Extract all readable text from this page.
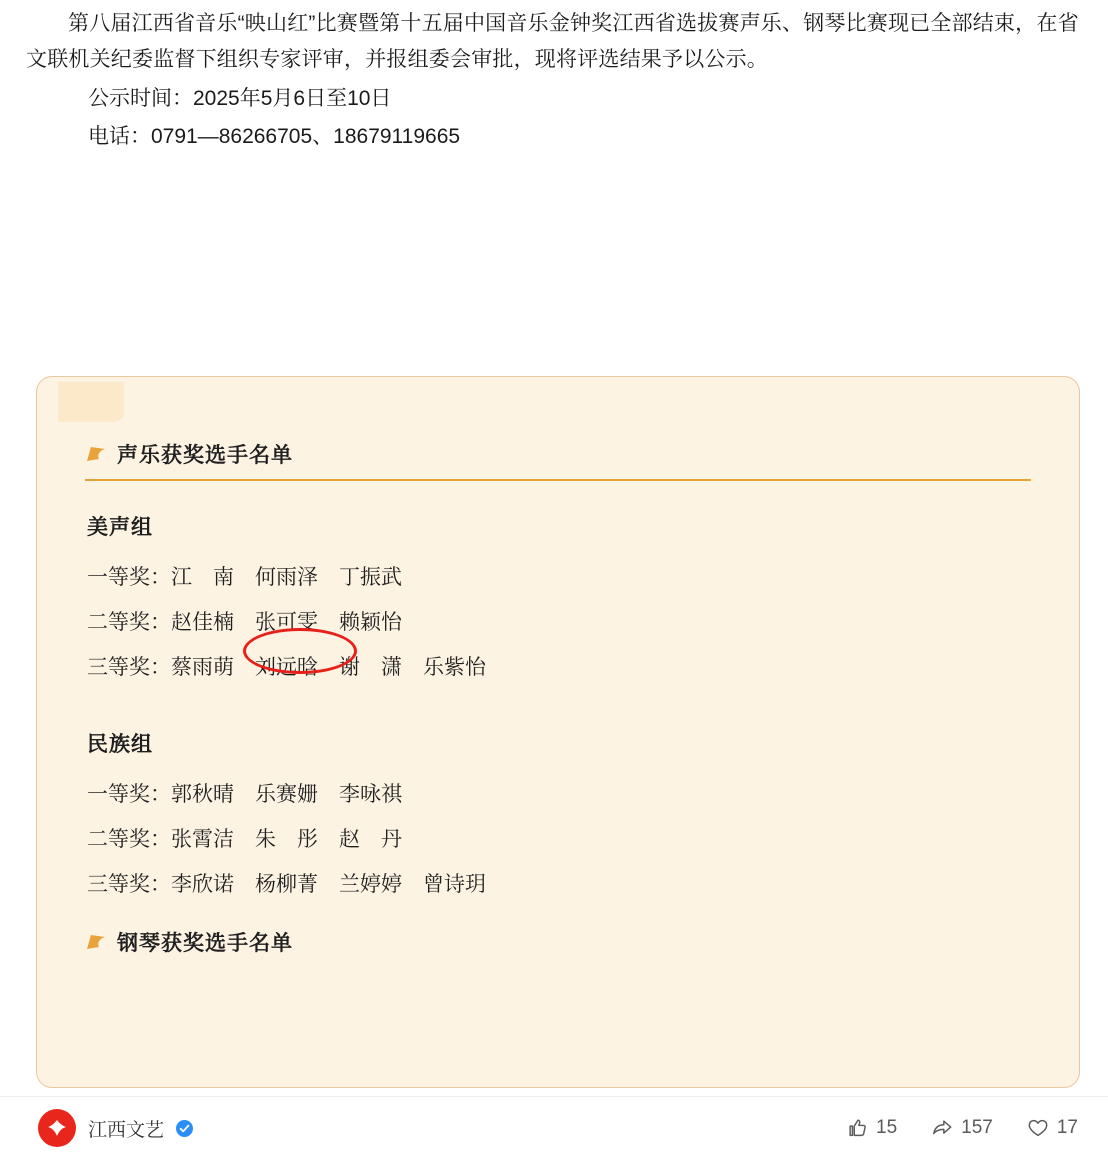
第八届江西省音乐“映山红”比赛暨第十五届中国音乐金钟奖江西省选拔赛声乐、钢琴比赛现已全部结束，在省文联机关纪委监督下组织专家评审，并报组委会审批，现将评选结果予以公示。

公示时间：2025年5月6日至10日

电话：0791—86266705、18679119665

声乐获奖选手名单
美声组
一等奖：江　南　何雨泽　丁振武
二等奖：赵佳楠　张可雯　赖颖怡
三等奖：蔡雨萌　刘远晗　谢　潇　乐紫怡
民族组
一等奖：郭秋晴　乐赛姗　李咏祺
二等奖：张霄洁　朱　彤　赵　丹
三等奖：李欣诺　杨柳菁　兰婷婷　曾诗玥
钢琴获奖选手名单
江西文艺	15	157	17
